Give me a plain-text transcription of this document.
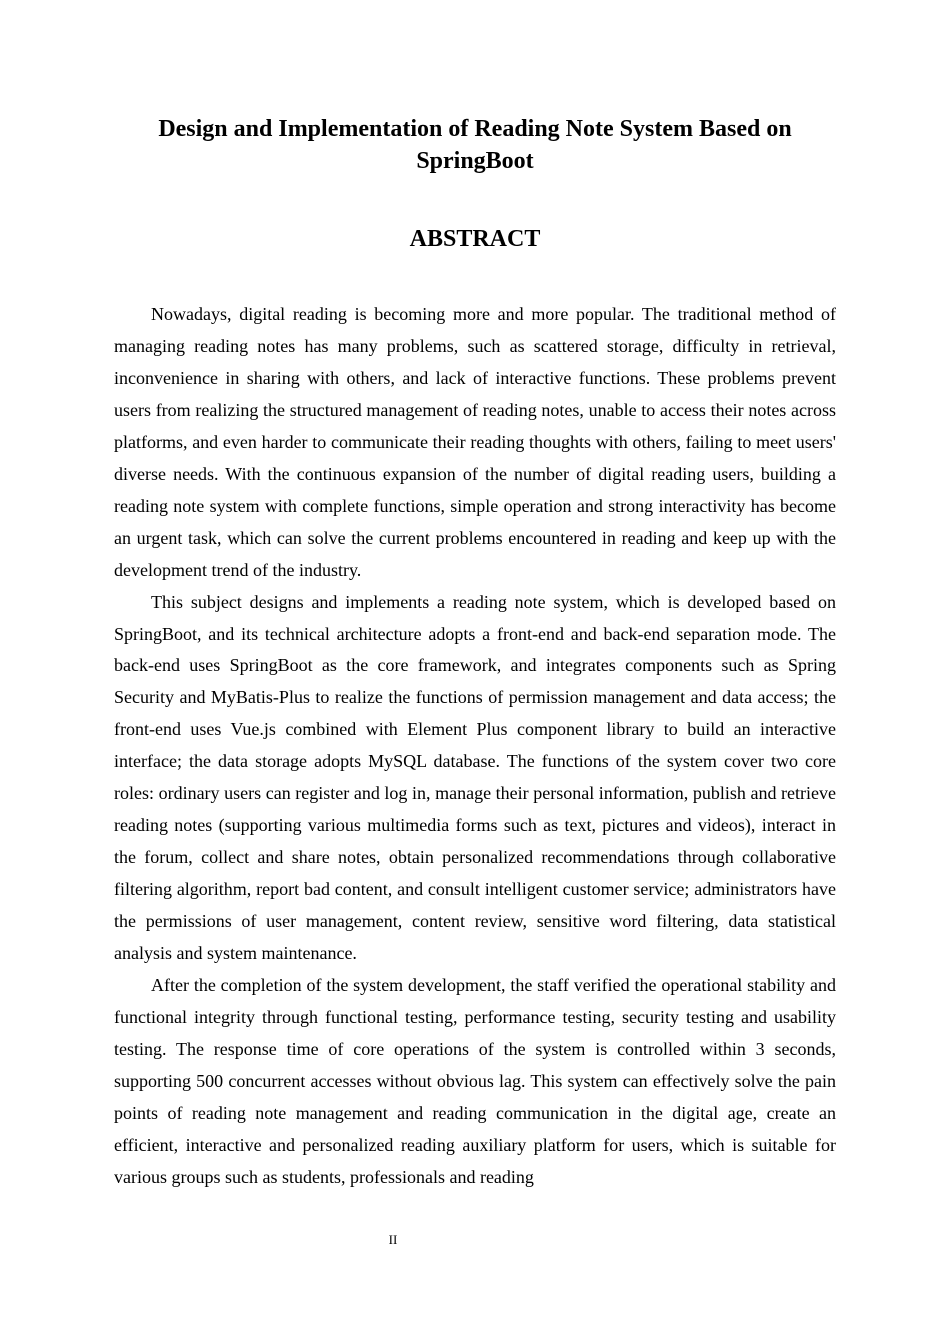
Design and Implementation of Reading Note System Based on SpringBoot
ABSTRACT

Nowadays, digital reading is becoming more and more popular. The traditional method of managing reading notes has many problems, such as scattered storage, difficulty in retrieval, inconvenience in sharing with others, and lack of interactive functions. These problems prevent users from realizing the structured management of reading notes, unable to access their notes across platforms, and even harder to communicate their reading thoughts with others, failing to meet users' diverse needs. With the continuous expansion of the number of digital reading users, building a reading note system with complete functions, simple operation and strong interactivity has become an urgent task, which can solve the current problems encountered in reading and keep up with the development trend of the industry.

This subject designs and implements a reading note system, which is developed based on SpringBoot, and its technical architecture adopts a front-end and back-end separation mode. The back-end uses SpringBoot as the core framework, and integrates components such as Spring Security and MyBatis-Plus to realize the functions of permission management and data access; the front-end uses Vue.js combined with Element Plus component library to build an interactive interface; the data storage adopts MySQL database. The functions of the system cover two core roles: ordinary users can register and log in, manage their personal information, publish and retrieve reading notes (supporting various multimedia forms such as text, pictures and videos), interact in the forum, collect and share notes, obtain personalized recommendations through collaborative filtering algorithm, report bad content, and consult intelligent customer service; administrators have the permissions of user management, content review, sensitive word filtering, data statistical analysis and system maintenance.

After the completion of the system development, the staff verified the operational stability and functional integrity through functional testing, performance testing, security testing and usability testing. The response time of core operations of the system is controlled within 3 seconds, supporting 500 concurrent accesses without obvious lag. This system can effectively solve the pain points of reading note management and reading communication in the digital age, create an efficient, interactive and personalized reading auxiliary platform for users, which is suitable for various groups such as students, professionals and reading

II
